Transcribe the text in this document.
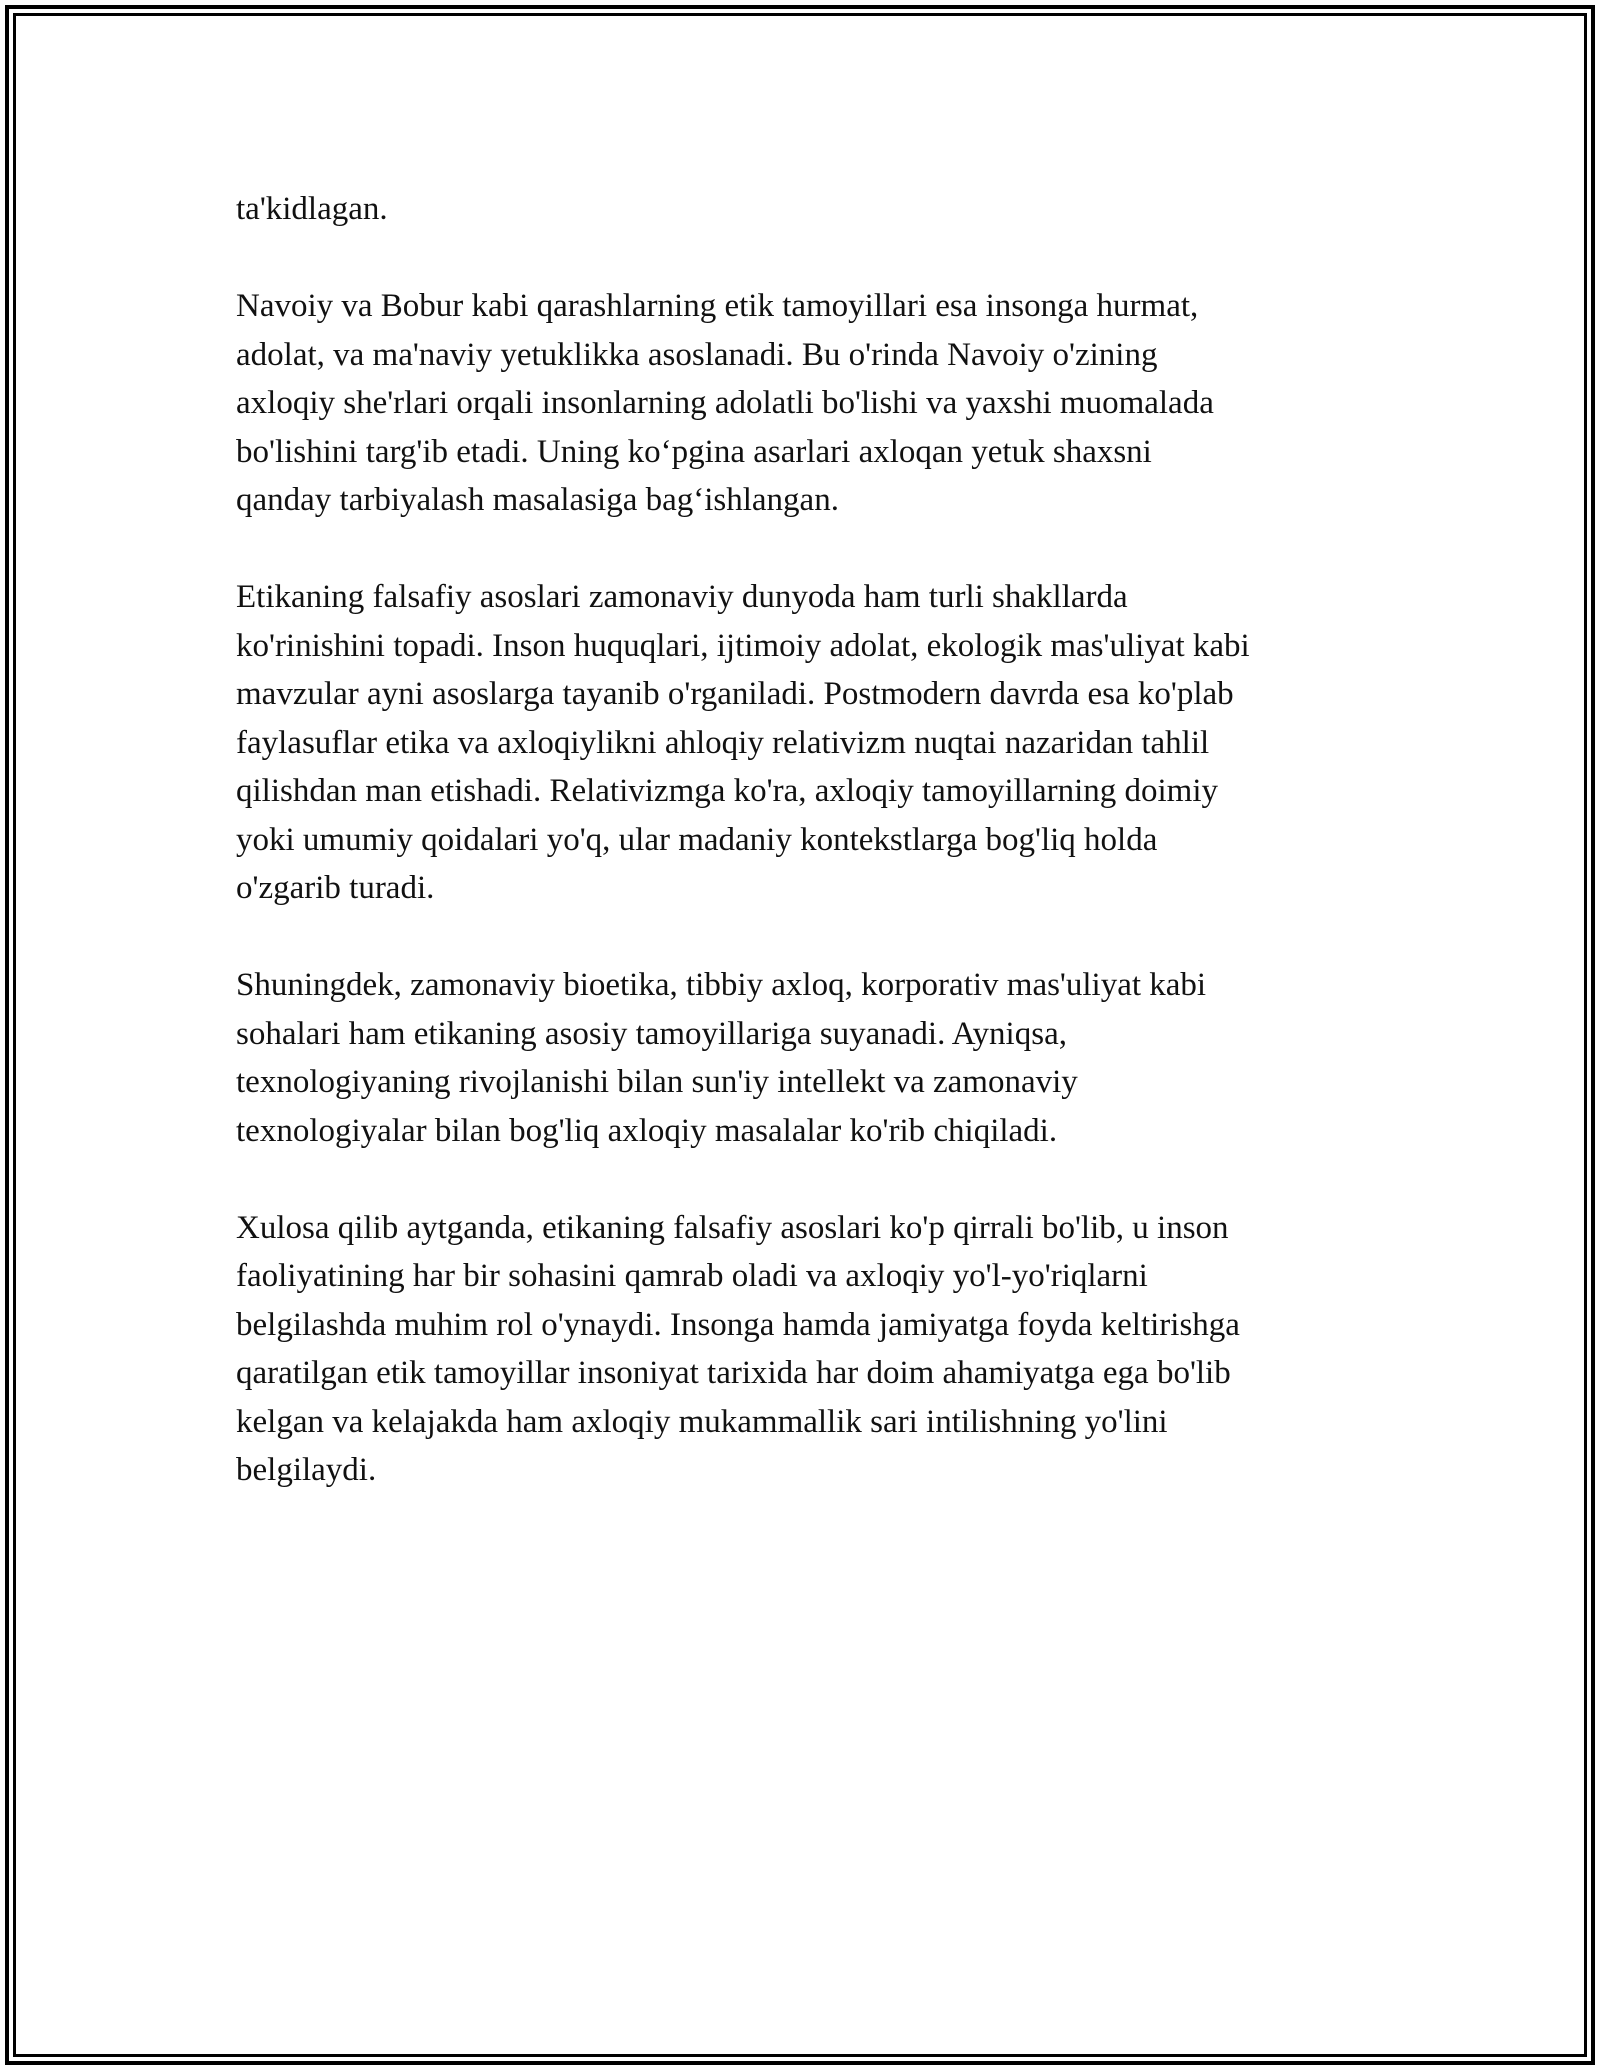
ta'kidlagan.

Navoiy va Bobur kabi qarashlarning etik tamoyillari esa insonga hurmat,
adolat, va ma'naviy yetuklikka asoslanadi. Bu o'rinda Navoiy o'zining
axloqiy she'rlari orqali insonlarning adolatli bo'lishi va yaxshi muomalada
bo'lishini targ'ib etadi. Uning ko‘pgina asarlari axloqan yetuk shaxsni
qanday tarbiyalash masalasiga bag‘ishlangan.

Etikaning falsafiy asoslari zamonaviy dunyoda ham turli shakllarda
ko'rinishini topadi. Inson huquqlari, ijtimoiy adolat, ekologik mas'uliyat kabi
mavzular ayni asoslarga tayanib o'rganiladi. Postmodern davrda esa ko'plab
faylasuflar etika va axloqiylikni ahloqiy relativizm nuqtai nazaridan tahlil
qilishdan man etishadi. Relativizmga ko'ra, axloqiy tamoyillarning doimiy
yoki umumiy qoidalari yo'q, ular madaniy kontekstlarga bog'liq holda
o'zgarib turadi.

Shuningdek, zamonaviy bioetika, tibbiy axloq, korporativ mas'uliyat kabi
sohalari ham etikaning asosiy tamoyillariga suyanadi. Ayniqsa,
texnologiyaning rivojlanishi bilan sun'iy intellekt va zamonaviy
texnologiyalar bilan bog'liq axloqiy masalalar ko'rib chiqiladi.

Xulosa qilib aytganda, etikaning falsafiy asoslari ko'p qirrali bo'lib, u inson
faoliyatining har bir sohasini qamrab oladi va axloqiy yo'l-yo'riqlarni
belgilashda muhim rol o'ynaydi. Insonga hamda jamiyatga foyda keltirishga
qaratilgan etik tamoyillar insoniyat tarixida har doim ahamiyatga ega bo'lib
kelgan va kelajakda ham axloqiy mukammallik sari intilishning yo'lini
belgilaydi.
